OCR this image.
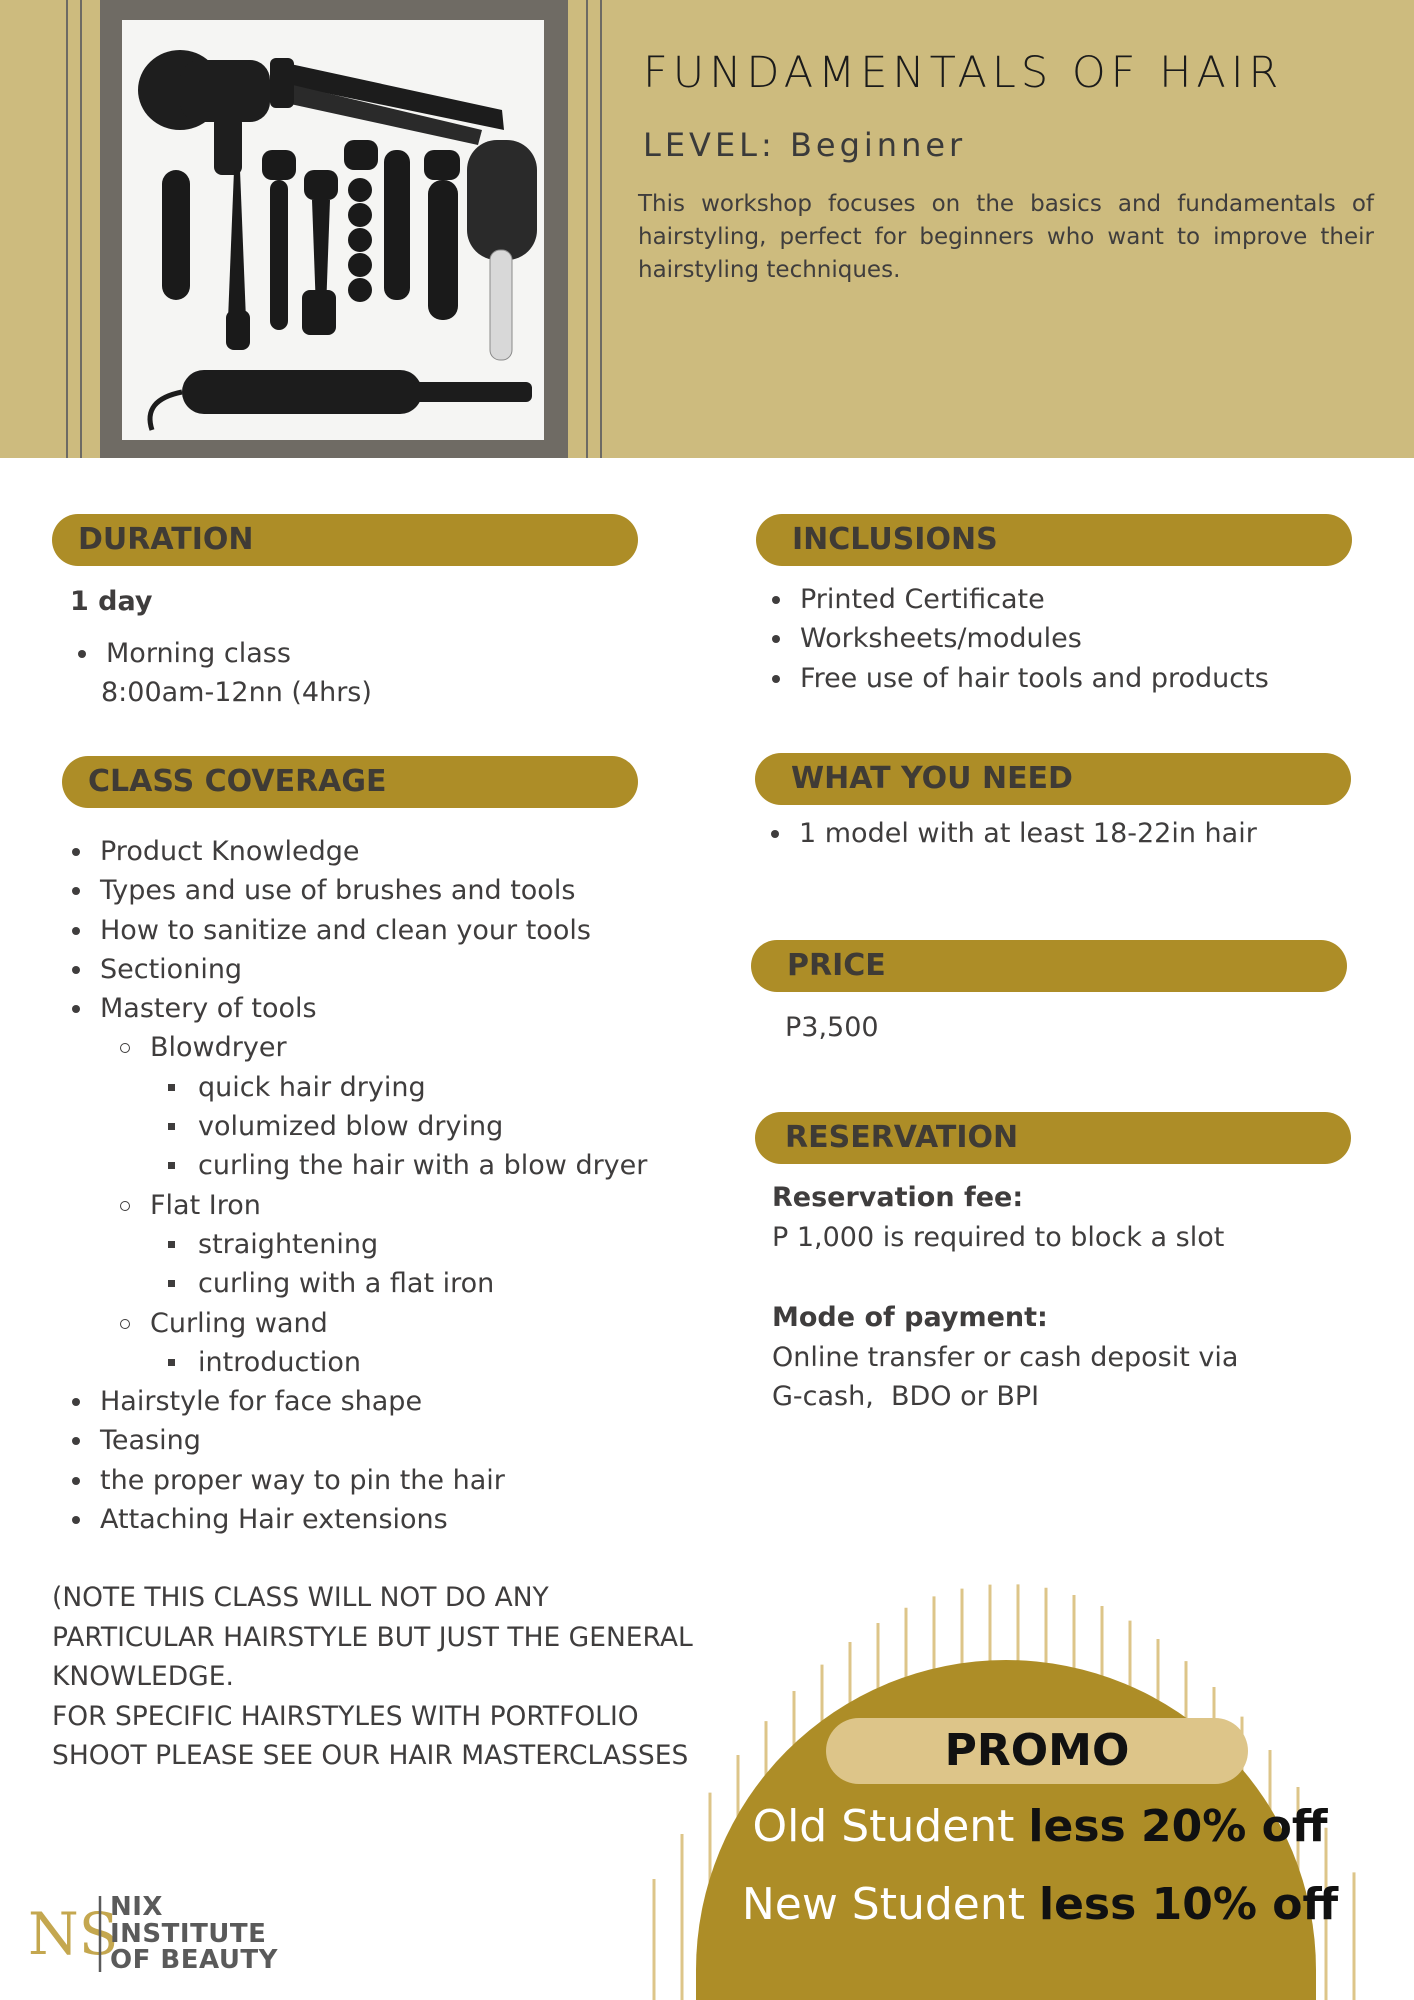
FUNDAMENTALS OF HAIR
LEVEL: Beginner
This workshop focuses on the basics and fundamentals of hairstyling, perfect for beginners who want to improve their hairstyling techniques.
DURATION
1 day
Morning class
8:00am-12nn (4hrs)
CLASS COVERAGE
Product Knowledge
Types and use of brushes and tools
How to sanitize and clean your tools
Sectioning
Mastery of tools
Blowdryer
quick hair drying
volumized blow drying
curling the hair with a blow dryer
Flat Iron
straightening
curling with a flat iron
Curling wand
introduction
Hairstyle for face shape
Teasing
the proper way to pin the hair
Attaching Hair extensions
(NOTE THIS CLASS WILL NOT DO ANY
PARTICULAR HAIRSTYLE BUT JUST THE GENERAL
KNOWLEDGE.
FOR SPECIFIC HAIRSTYLES WITH PORTFOLIO
SHOOT PLEASE SEE OUR HAIR MASTERCLASSES
INCLUSIONS
Printed Certificate
Worksheets/modules
Free use of hair tools and products
WHAT YOU NEED
1 model with at least 18-22in hair
PRICE
P3,500
RESERVATION
Reservation fee:
P 1,000 is required to block a slot
Mode of payment:
Online transfer or cash deposit via
G-cash,  BDO or BPI
PROMO
Old Student less 20% off
New Student less 10% off
NS
NIX
INSTITUTE
OF BEAUTY
